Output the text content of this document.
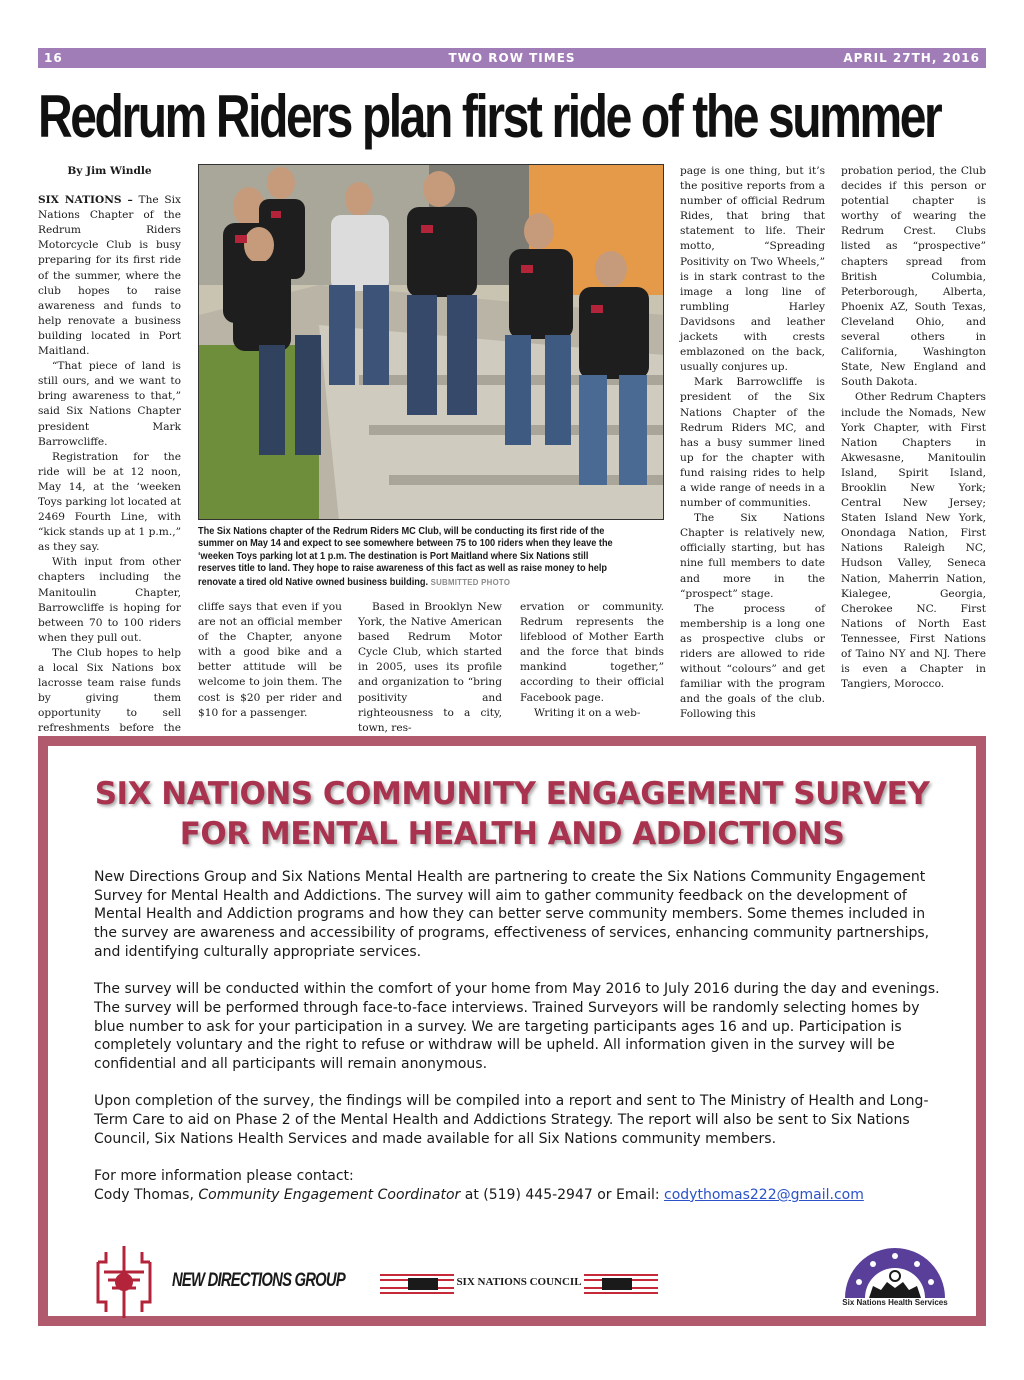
16	TWO ROW TIMES	APRIL 27TH, 2016
Redrum Riders plan first ride of the summer

By Jim Windle

SIX NATIONS – The Six Nations Chapter of the Redrum Riders Motorcycle Club is busy preparing for its first ride of the summer, where the club hopes to raise awareness and funds to help renovate a business building located in Port Maitland.

“That piece of land is still ours, and we want to bring awareness to that,” said Six Nations Chapter president Mark Barrowcliffe.

Registration for the ride will be at 12 noon, May 14, at the ‘weeken Toys parking lot located at 2469 Fourth Line, with “kick stands up at 1 p.m.,” as they say.

With input from other chapters including the Manitoulin Chapter, Barrowcliffe is hoping for between 70 to 100 riders when they pull out.

The Club hopes to help a local Six Nations box lacrosse team raise funds by giving them opportunity to sell refreshments before the

The Six Nations chapter of the Redrum Riders MC Club, will be conducting its first ride of the summer on May 14 and expect to see somewhere between 75 to 100 riders when they leave the ‘weeken Toys parking lot at 1 p.m. The destination is Port Maitland where Six Nations still reserves title to land. They hope to raise awareness of this fact as well as raise money to help renovate a tired old Native owned business building. SUBMITTED PHOTO

cliffe says that even if you are not an official member of the Chapter, anyone with a good bike and a better attitude will be welcome to join them. The cost is $20 per rider and $10 for a passenger.

Based in Brooklyn New York, the Native American based Redrum Motor Cycle Club, which started in 2005, uses its profile and organization to “bring positivity and righteousness to a city, town, res-

ervation or community. Redrum represents the lifeblood of Mother Earth and the force that binds mankind together,” according to their official Facebook page.

Writing it on a web-

page is one thing, but it’s the positive reports from a number of official Redrum Rides, that bring that statement to life. Their motto, “Spreading Positivity on Two Wheels,” is in stark contrast to the image a long line of rumbling Harley Davidsons and leather jackets with crests emblazoned on the back, usually conjures up.

Mark Barrowcliffe is president of the Six Nations Chapter of the Redrum Riders MC, and has a busy summer lined up for the chapter with fund raising rides to help a wide range of needs in a number of communities.

The Six Nations Chapter is relatively new, officially starting, but has nine full members to date and more in the “prospect” stage.

The process of membership is a long one as prospective clubs or riders are allowed to ride without “colours” and get familiar with the program and the goals of the club. Following this

probation period, the Club decides if this person or potential chapter is worthy of wearing the Redrum Crest. Clubs listed as “prospective” chapters spread from British Columbia, Peterborough, Alberta, Phoenix AZ, South Texas, Cleveland Ohio, and several others in California, Washington State, New England and South Dakota.

Other Redrum Chapters include the Nomads, New York Chapter, with First Nation Chapters in Akwesasne, Manitoulin Island, Spirit Island, Brooklin New York; Central New Jersey; Staten Island New York, Onondaga Nation, First Nations Raleigh NC, Hudson Valley, Seneca Nation, Maherrin Nation, Kialegee, Georgia, Cherokee NC. First Nations of North East Tennessee, First Nations of Taino NY and NJ. There is even a Chapter in Tangiers, Morocco.

SIX NATIONS COMMUNITY ENGAGEMENT SURVEY
FOR MENTAL HEALTH AND ADDICTIONS

New Directions Group and Six Nations Mental Health are partnering to create the Six Nations Community Engagement Survey for Mental Health and Addictions. The survey will aim to gather community feedback on the development of Mental Health and Addiction programs and how they can better serve community members. Some themes included in the survey are awareness and accessibility of programs, effectiveness of services, enhancing community partnerships, and identifying culturally appropriate services.

The survey will be conducted within the comfort of your home from May 2016 to July 2016 during the day and evenings. The survey will be performed through face-to-face interviews. Trained Surveyors will be randomly selecting homes by blue number to ask for your participation in a survey. We are targeting participants ages 16 and up. Participation is completely voluntary and the right to refuse or withdraw will be upheld. All information given in the survey will be confidential and all participants will remain anonymous.

Upon completion of the survey, the findings will be compiled into a report and sent to The Ministry of Health and Long-Term Care to aid on Phase 2 of the Mental Health and Addictions Strategy. The report will also be sent to Six Nations Council, Six Nations Health Services and made available for all Six Nations community members.

For more information please contact:
Cody Thomas, Community Engagement Coordinator at (519) 445-2947 or Email: codythomas222@gmail.com
NEW DIRECTIONS GROUP	SIX NATIONS COUNCIL
Six Nations Health Services
